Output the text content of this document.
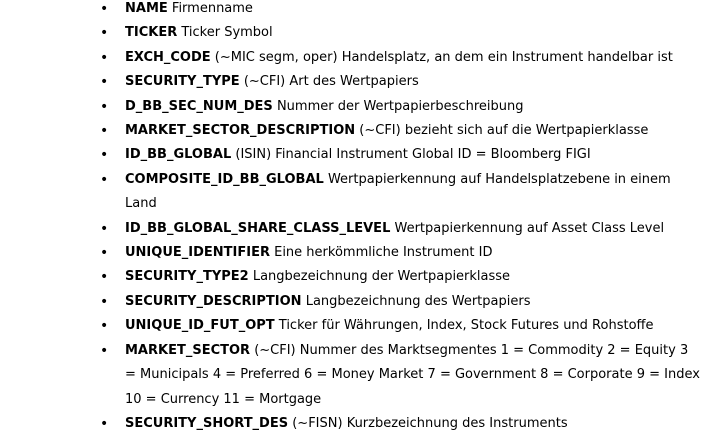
• NAME Firmenname
• TICKER Ticker Symbol
• EXCH_CODE (~MIC segm, oper) Handelsplatz, an dem ein Instrument handelbar ist
• SECURITY_TYPE (~CFI) Art des Wertpapiers
• D_BB_SEC_NUM_DES Nummer der Wertpapierbeschreibung
• MARKET_SECTOR_DESCRIPTION (~CFI) bezieht sich auf die Wertpapierklasse
• ID_BB_GLOBAL (ISIN) Financial Instrument Global ID = Bloomberg FIGI
• COMPOSITE_ID_BB_GLOBAL Wertpapierkennung auf Handelsplatzebene in einem Land
• ID_BB_GLOBAL_SHARE_CLASS_LEVEL Wertpapierkennung auf Asset Class Level
• UNIQUE_IDENTIFIER Eine herkömmliche Instrument ID
• SECURITY_TYPE2 Langbezeichnung der Wertpapierklasse
• SECURITY_DESCRIPTION Langbezeichnung des Wertpapiers
• UNIQUE_ID_FUT_OPT Ticker für Währungen, Index, Stock Futures und Rohstoffe
• MARKET_SECTOR (~CFI) Nummer des Marktsegmentes 1 = Commodity 2 = Equity 3 = Municipals 4 = Preferred 6 = Money Market 7 = Government 8 = Corporate 9 = Index 10 = Currency 11 = Mortgage
• SECURITY_SHORT_DES (~FISN) Kurzbezeichnung des Instruments
